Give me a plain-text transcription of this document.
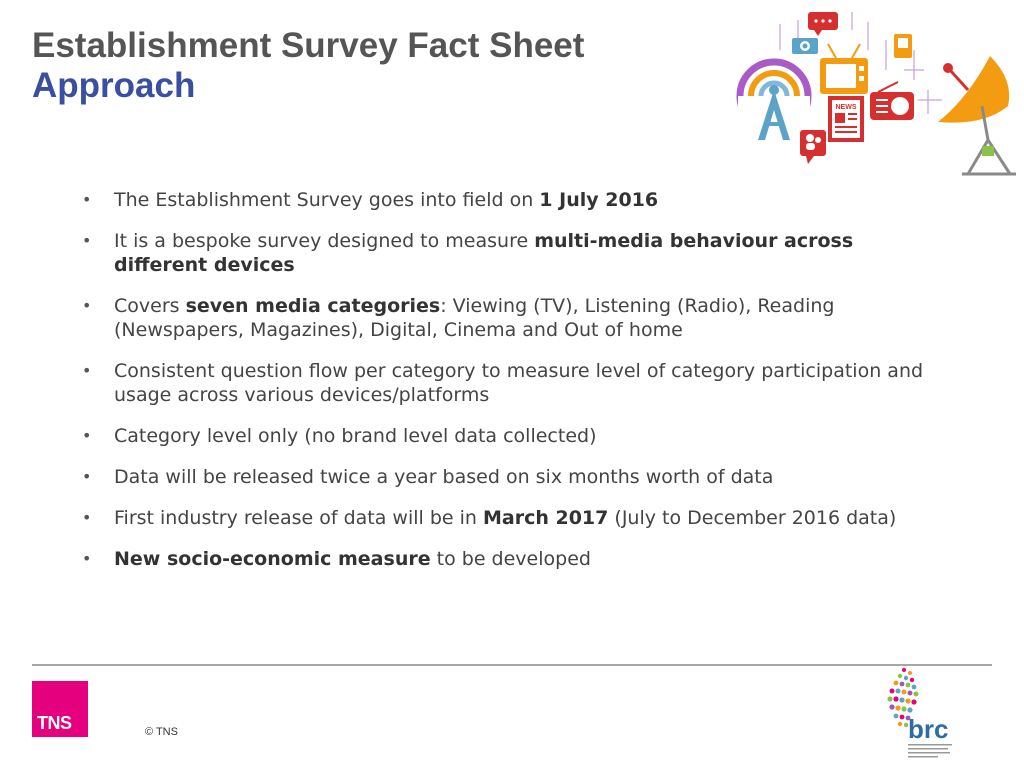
Establishment Survey Fact Sheet
Approach
NEWS
• The Establishment Survey goes into field on 1 July 2016
• It is a bespoke survey designed to measure multi-media behaviour across different devices
• Covers seven media categories: Viewing (TV), Listening (Radio), Reading (Newspapers, Magazines), Digital, Cinema and Out of home
• Consistent question flow per category to measure level of category participation and usage across various devices/platforms
• Category level only (no brand level data collected)
• Data will be released twice a year based on six months worth of data
• First industry release of data will be in March 2017 (July to December 2016 data)
• New socio-economic measure to be developed
TNS	© TNS	brc
